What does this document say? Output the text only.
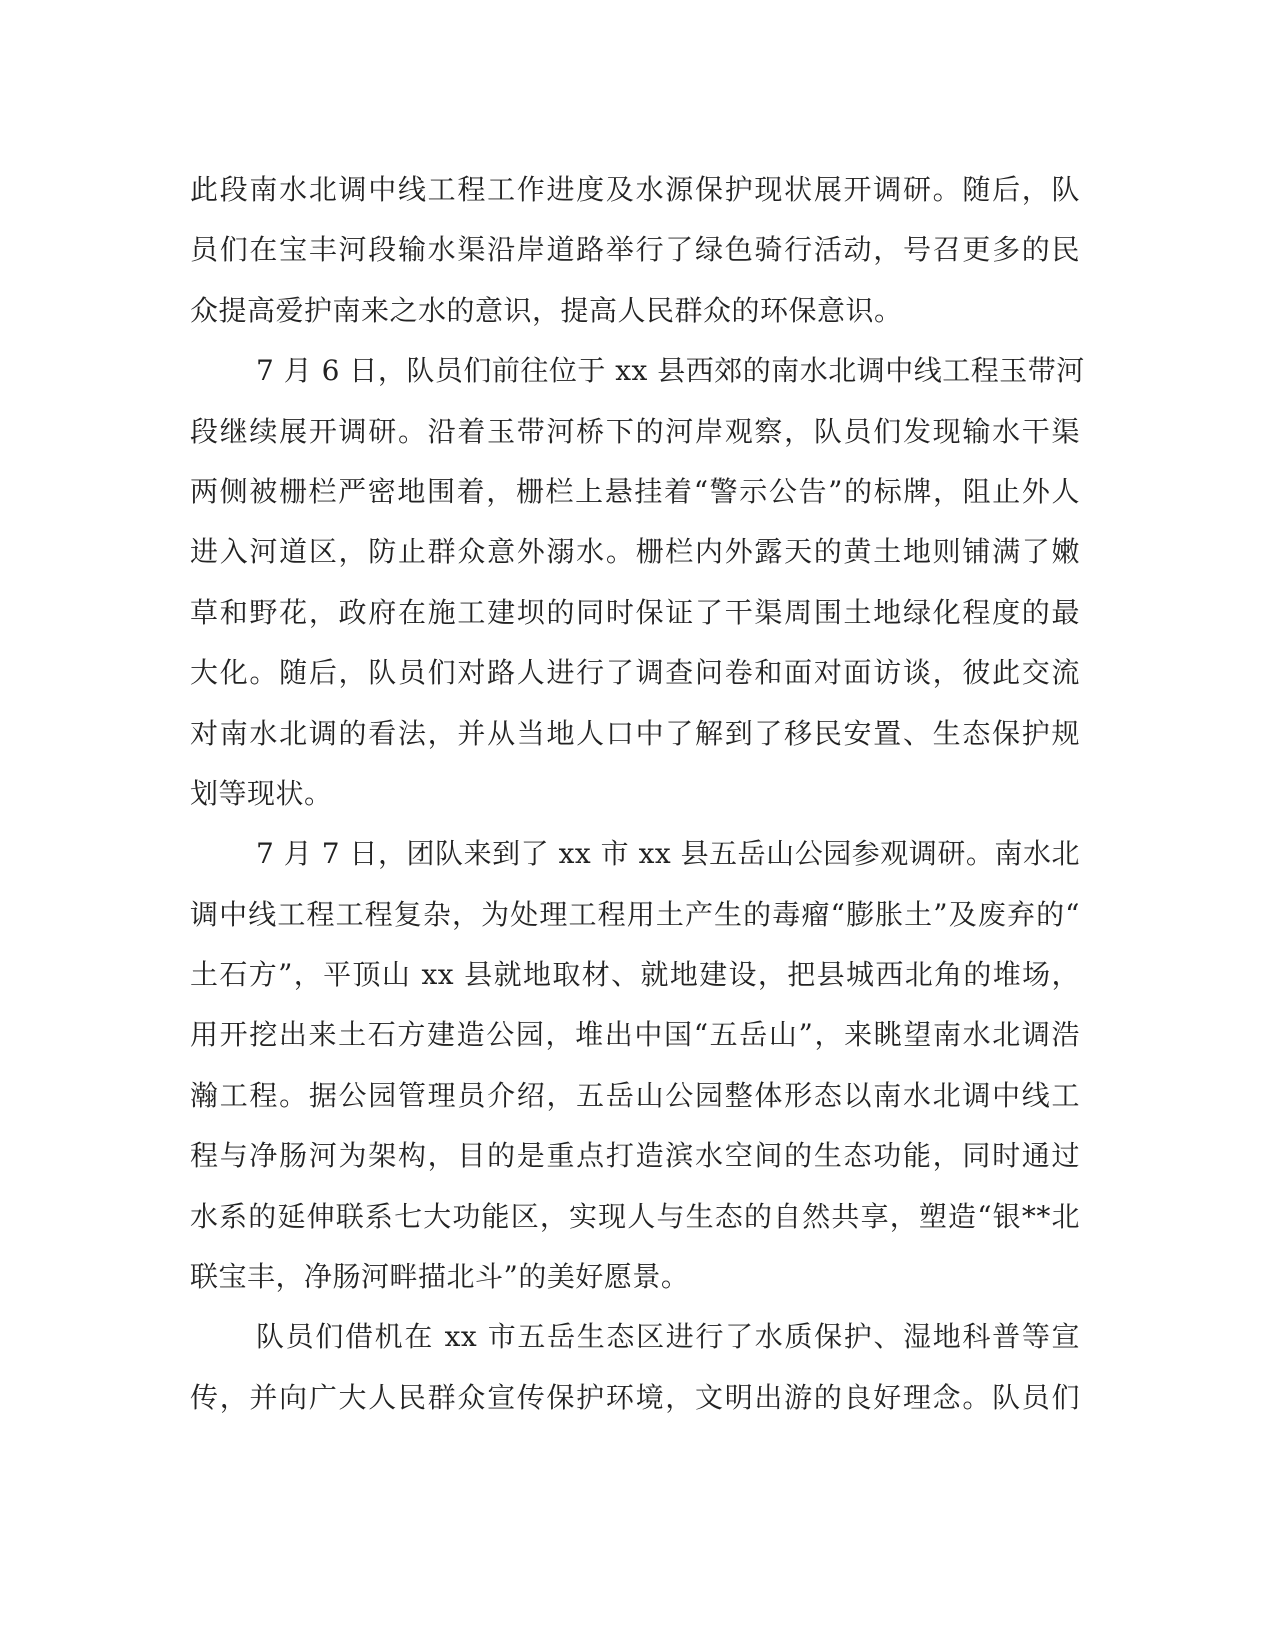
此段南水北调中线工程工作进度及水源保护现状展开调研。随后，队
员们在宝丰河段输水渠沿岸道路举行了绿色骑行活动，号召更多的民
众提高爱护南来之水的意识，提高人民群众的环保意识。
7 月 6 日，队员们前往位于 xx 县西郊的南水北调中线工程玉带河
段继续展开调研。沿着玉带河桥下的河岸观察，队员们发现输水干渠
两侧被栅栏严密地围着，栅栏上悬挂着“警示公告”的标牌，阻止外人
进入河道区，防止群众意外溺水。栅栏内外露天的黄土地则铺满了嫩
草和野花，政府在施工建坝的同时保证了干渠周围土地绿化程度的最
大化。随后，队员们对路人进行了调查问卷和面对面访谈，彼此交流
对南水北调的看法，并从当地人口中了解到了移民安置、生态保护规
划等现状。
7 月 7 日，团队来到了 xx 市 xx 县五岳山公园参观调研。南水北
调中线工程工程复杂，为处理工程用土产生的毒瘤“膨胀土”及废弃的“
土石方”，平顶山 xx 县就地取材、就地建设，把县城西北角的堆场，
用开挖出来土石方建造公园，堆出中国“五岳山”，来眺望南水北调浩
瀚工程。据公园管理员介绍，五岳山公园整体形态以南水北调中线工
程与净肠河为架构，目的是重点打造滨水空间的生态功能，同时通过
水系的延伸联系七大功能区，实现人与生态的自然共享，塑造“银**北
联宝丰，净肠河畔描北斗”的美好愿景。
队员们借机在 xx 市五岳生态区进行了水质保护、湿地科普等宣
传，并向广大人民群众宣传保护环境，文明出游的良好理念。队员们
